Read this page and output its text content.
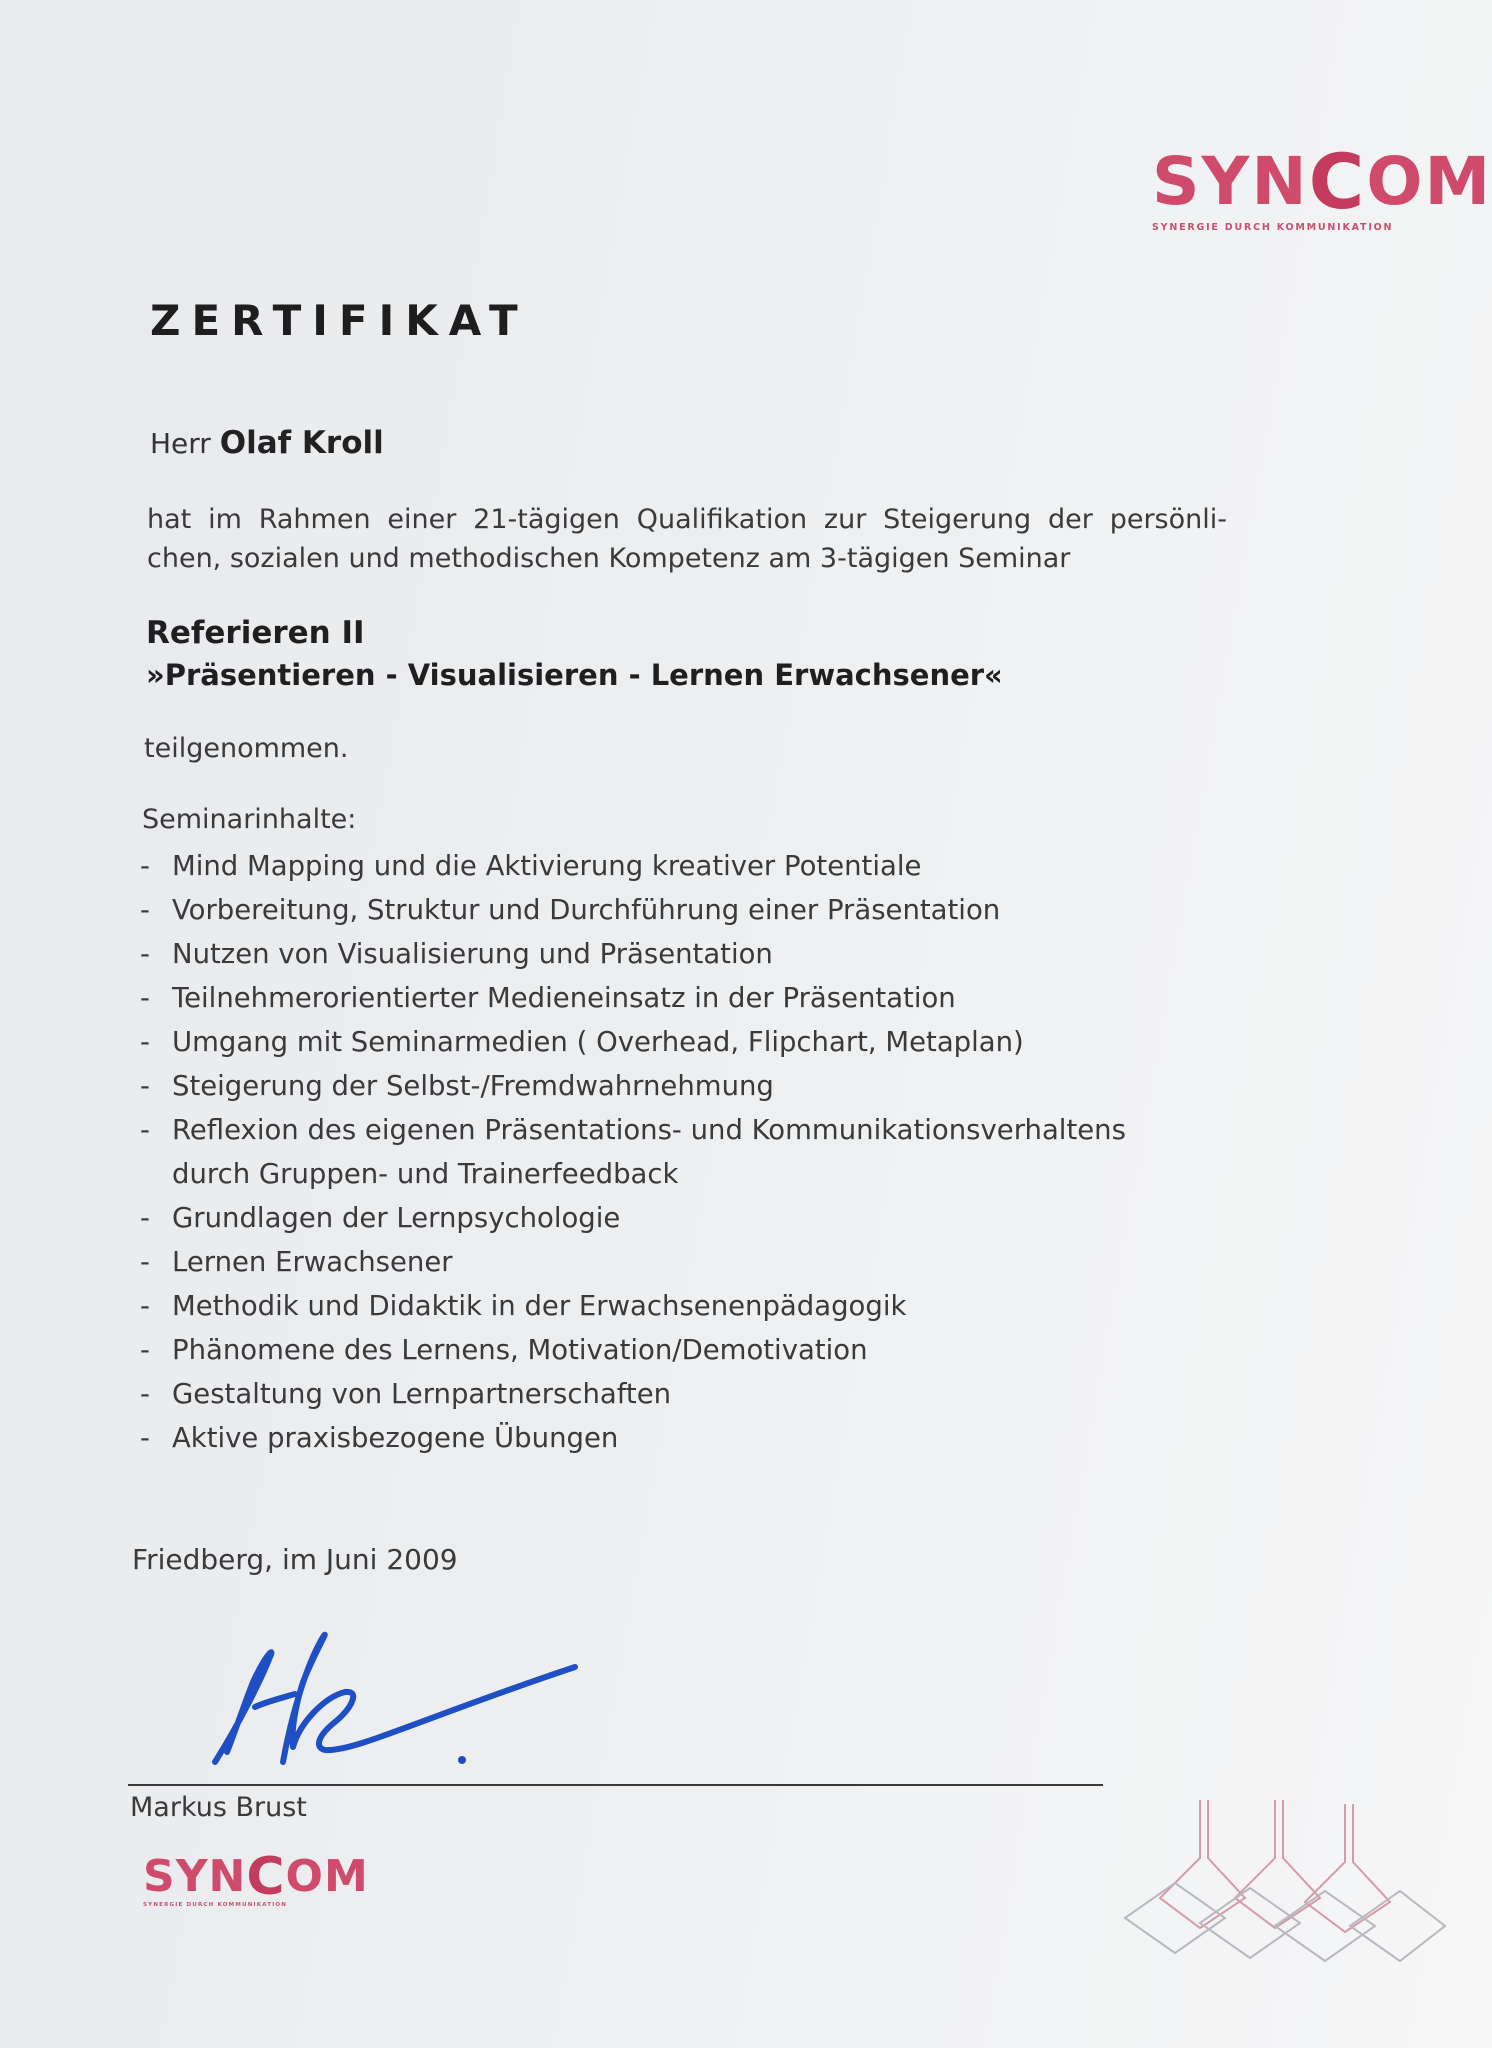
SYNCOM
SYNERGIE DURCH KOMMUNIKATION
ZERTIFIKAT
Herr Olaf Kroll

hat im Rahmen einer 21-tägigen Qualifikation zur Steigerung der persönli-

chen, sozialen und methodischen Kompetenz am 3-tägigen Seminar

Referieren II
»Präsentieren - Visualisieren - Lernen Erwachsener«
teilgenommen.
Seminarinhalte:
- Mind Mapping und die Aktivierung kreativer Potentiale
- Vorbereitung, Struktur und Durchführung einer Präsentation
- Nutzen von Visualisierung und Präsentation
- Teilnehmerorientierter Medieneinsatz in der Präsentation
- Umgang mit Seminarmedien ( Overhead, Flipchart, Metaplan)
- Steigerung der Selbst-/Fremdwahrnehmung
- Reflexion des eigenen Präsentations- und Kommunikationsverhaltens
durch Gruppen- und Trainerfeedback
- Grundlagen der Lernpsychologie
- Lernen Erwachsener
- Methodik und Didaktik in der Erwachsenenpädagogik
- Phänomene des Lernens, Motivation/Demotivation
- Gestaltung von Lernpartnerschaften
- Aktive praxisbezogene Übungen
Friedberg, im Juni 2009
Markus Brust
SYNCOM
SYNERGIE DURCH KOMMUNIKATION
